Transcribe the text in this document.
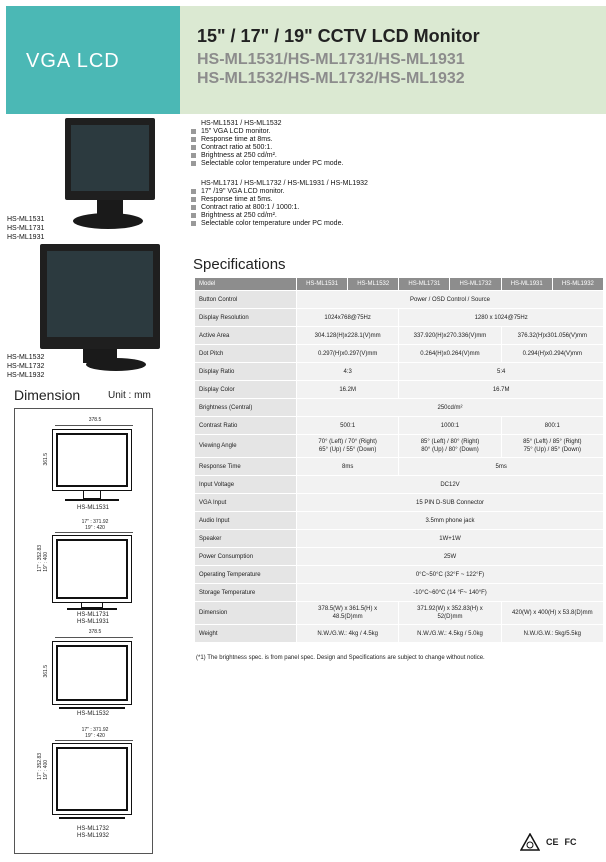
VGA LCD
15" / 17" / 19" CCTV LCD Monitor
HS-ML1531/HS-ML1731/HS-ML1931
HS-ML1532/HS-ML1732/HS-ML1932
HS-ML1531
HS-ML1731
HS-ML1931
HS-ML1532
HS-ML1732
HS-ML1932
HS-ML1531 / HS-ML1532
15" VGA LCD monitor.
Response time at 8ms.
Contract ratio at 500:1.
Brightness at 250 cd/m².
Selectable color temperature under PC mode.
HS-ML1731 / HS-ML1732 / HS-ML1931 / HS-ML1932
17" /19" VGA LCD monitor.
Response time at 5ms.
Contract ratio at 800:1 / 1000:1.
Brightness at 250 cd/m².
Selectable color temperature under PC mode.
Dimension	Unit : mm
378.5
361.5
HS-ML1531
17" : 371.92
19" : 420
17" : 352.83
19" : 400
HS-ML1731
HS-ML1931
378.5
361.5
HS-ML1532
17" : 371.92
19" : 420
17" : 352.83
19" : 400
HS-ML1732
HS-ML1932
Specifications
Model	HS-ML1531	HS-ML1532	HS-ML1731	HS-ML1732	HS-ML1931	HS-ML1932
Button Control	Power / OSD Control / Source					
Display Resolution	1024x768@75Hz		1280 x 1024@75Hz			
Active Area	304.128(H)x228.1(V)mm		337.920(H)x270.336(V)mm		376.32(H)x301.056(V)mm	
Dot Pitch	0.297(H)x0.297(V)mm		0.264(H)x0.264(V)mm		0.294(H)x0.294(V)mm	
Display Ratio	4:3		5:4			
Display Color	16.2M		16.7M			
Brightness (Central)	250cd/m²					
Contrast Ratio	500:1		1000:1		800:1	
Viewing Angle	70° (Left) / 70° (Right)
65° (Up) / 55° (Down)		85° (Left) / 80° (Right)
80° (Up) / 80° (Down)		85° (Left) / 85° (Right)
75° (Up) / 85° (Down)	
Response Time	8ms		5ms			
Input Voltage	DC12V					
VGA Input	15 PIN D-SUB Connector					
Audio Input	3.5mm phone jack					
Speaker	1W+1W					
Power Consumption	25W					
Operating Temperature	0°C~50°C (32°F ~ 122°F)					
Storage Temperature	-10°C~60°C (14 °F~ 140°F)					
Dimension	378.5(W) x 361.5(H) x
48.5(D)mm		371.92(W) x 352.83(H) x
52(D)mm		420(W) x 400(H) x 53.8(D)mm	
Weight	N.W./G.W.: 4kg / 4.5kg		N.W./G.W.: 4.5kg / 5.0kg		N.W./G.W.: 5kg/5.5kg	
(*1) The brightness spec. is from panel spec. Design and Specifications are subject to change without notice.
CE FC
